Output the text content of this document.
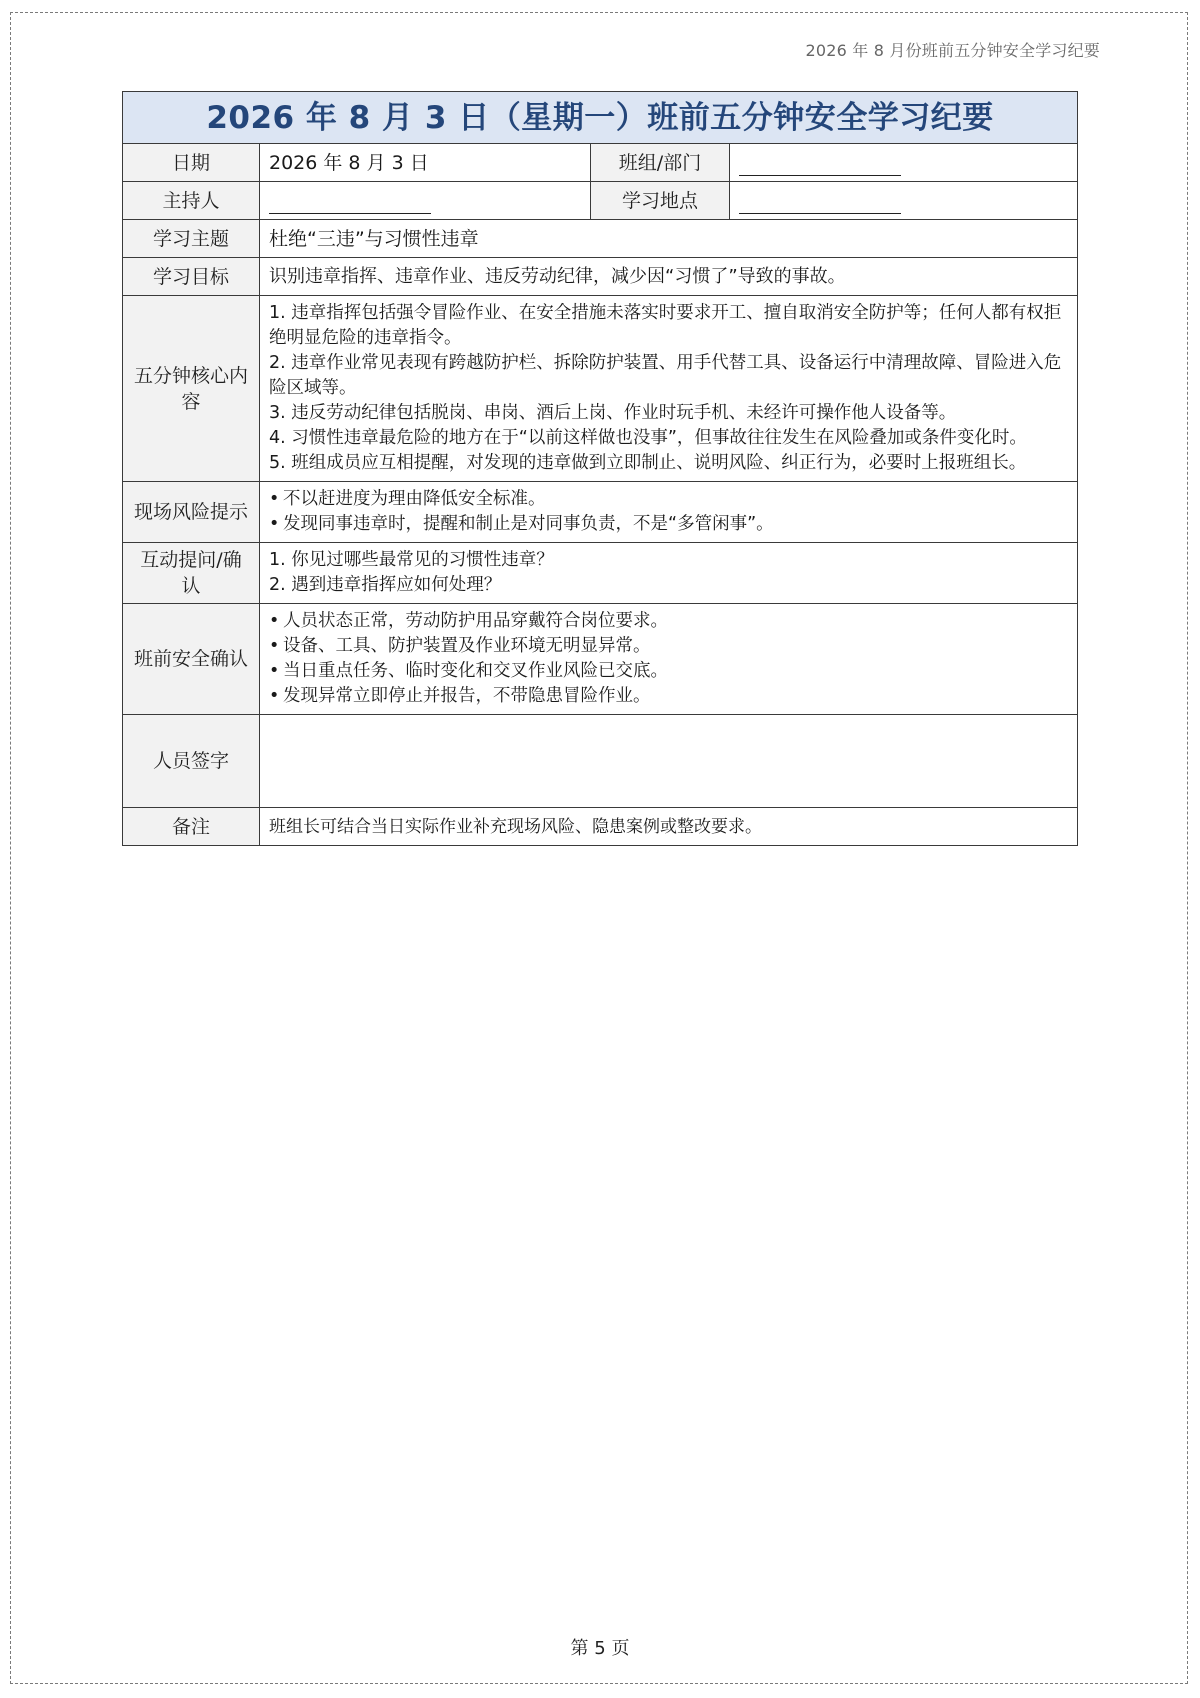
2026 年 8 月份班前五分钟安全学习纪要
2026 年 8 月 3 日（星期一）班前五分钟安全学习纪要			
日期	2026 年 8 月 3 日	班组/部门	
主持人		学习地点	
学习主题	杜绝“三违”与习惯性违章		
学习目标	识别违章指挥、违章作业、违反劳动纪律，减少因“习惯了”导致的事故。		
五分钟核心内容	1. 违章指挥包括强令冒险作业、在安全措施未落实时要求开工、擅自取消安全防护等；任何人都有权拒绝明显危险的违章指令。

2. 违章作业常见表现有跨越防护栏、拆除防护装置、用手代替工具、设备运行中清理故障、冒险进入危险区域等。

3. 违反劳动纪律包括脱岗、串岗、酒后上岗、作业时玩手机、未经许可操作他人设备等。

4. 习惯性违章最危险的地方在于“以前这样做也没事”，但事故往往发生在风险叠加或条件变化时。

5. 班组成员应互相提醒，对发现的违章做到立即制止、说明风险、纠正行为，必要时上报班组长。		

现场风险提示	• 不以赶进度为理由降低安全标准。

• 发现同事违章时，提醒和制止是对同事负责，不是“多管闲事”。		

互动提问/确认	1. 你见过哪些最常见的习惯性违章？

2. 遇到违章指挥应如何处理？		

班前安全确认	• 人员状态正常，劳动防护用品穿戴符合岗位要求。

• 设备、工具、防护装置及作业环境无明显异常。

• 当日重点任务、临时变化和交叉作业风险已交底。

• 发现异常立即停止并报告，不带隐患冒险作业。		

人员签字			
备注	班组长可结合当日实际作业补充现场风险、隐患案例或整改要求。		
第 5 页
